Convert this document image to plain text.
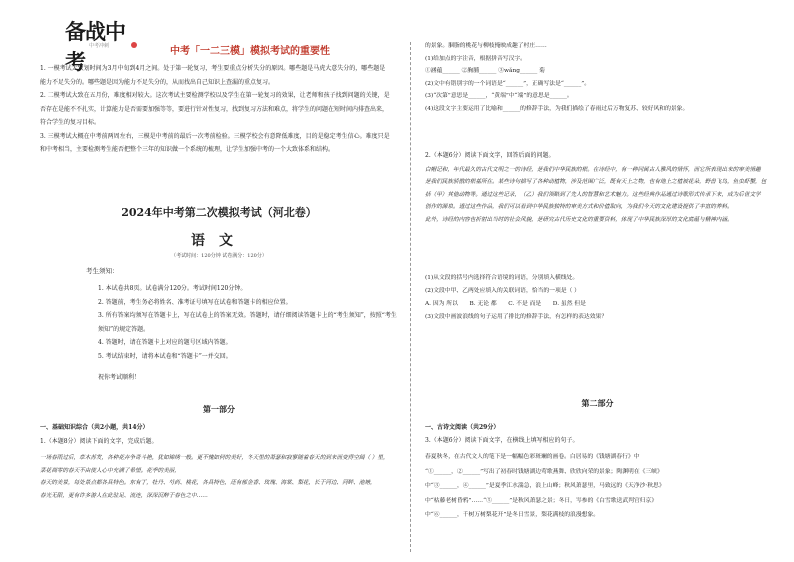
备战中考
中考冲刺	中考「一二三模」模拟考试的重要性

1. 一模考试大致划时间为3月中旬到4月之间。处于第一轮复习，考生要重点分析失分的原因。哪些题是马虎大意失分的，哪些题是能力不足失分的。哪些题是因为能力不足失分的，从而找出自己知识上查漏的重点复习。

2. 二模考试大致在五月份，难度相对较大。这次考试主要检测学校以及学生在第一轮复习的效果，让老师和孩子找到问题的关键，是否存在是能不不扎实，计算能力是否需要加强等等，要进行针对性复习，找到复习方法和难点，将学生的问题在短时间内排查出来，符合学生的复习目标。

3. 三模考试大概在中考前两周左右，三模是中考前的最后一次考前检验。三模学校会有意降低难度，目的是稳定考生信心。难度只是和中考相当，主要检测考生能否把整个三年的知识做一个系统的梳理，让学生加强中考的一个大致体系和结构。

2024年中考第二次模拟考试（河北卷）
语文
（考试时间：120分钟 试卷满分：120分）
考生须知：

1. 本试卷共8页。试卷满分120分。考试时间120分钟。

2. 答题前，考生务必将姓名、准考证号填写在试卷和答题卡的相应位置。

3. 所有答案均须写在答题卡上，写在试卷上的答案无效。答题时，请仔细阅读答题卡上的“考生须知”，按照“考生须知”的规定答题。

4. 答题时，请在答题卡上对应的题号区域内答题。

5. 考试结束时，请将本试卷和“答题卡”一并交回。

祝你考试顺利！
第一部分
一、基础知识综合（共2小题，共14分）
1.（本题8分）阅读下面的文字，完成后题。

一场春雨过后，草木苏发，各种花卉争奇斗艳，犹如锦绣一般。更不愧如何的美好，冬天里的萧瑟和寂寥随着春天的到来而变得空阔（ ）里，菜花凋零的春天不由使人心中充满了希望。花季的美丽，

春天的美景，每处景点都各具特色。东有丁，牡丹、芍药、桃花，各具特色，还有郁金香、玫瑰、海棠、梨花，长于河边、河畔、池塘，

春光无限，更有许多游人在此驻足、流连，深深沉醉于春色之中……

的景象。胭脂的桃花与柳枝掩映成趣了村庄……

(1)给加点的字注音，根据拼音写汉字。

①涵蕴______ ②胸脯______ ③wǎng______ 菊

(2)文中有错别字的一个词语是“______”，正确写法是“______”。

(3)“次第”意思是______，“黄端”中“端”的意思是______。

(4)这段文字主要运用了比喻和______的修辞手法，为我们描绘了春雨过后万物复苏、较好风和的景象。

2.（本题6分）阅读下面文字，回答后面的问题。

白帽记和，年代最久的古代文明之一的诗经，是我们中华民族的根。在诗经中，有一种同属古人雅风的情怀，而它所表现出来的审美情趣

是我们民族骄傲的根基所在。某些诗句描写了各种动植物，涉及范围广泛，既有天上之物，也有地上之植被花朵，野兽飞鸟，鱼虫虾蟹，包

括（甲）其他动物等。通过这些记录，（乙）我们领略到了先人的智慧和艺术魅力。这些经典作品通过诗歌形式传承下来，成为后世文学

创作的源泉。透过这些作品，我们可以看到中华民族独特的审美方式和价值取向，为我们今天的文化建设提供了丰富的养料。

此外，诗经的内容也折射出当时的社会风貌，是研究古代历史文化的重要资料，体现了中华民族深厚的文化底蕴与精神内涵。

(1)从文段的括号内选择符合语境的词语，分别填入横线处。

(2)文段中甲、乙两处应填入的关联词语，恰当的一项是（ ）

A. 因为 所以　　B. 无论 都　　C. 不是 而是　　D. 虽然 但是

(3)文段中画波浪线的句子运用了排比的修辞手法，有怎样的表达效果？

第二部分
一、古诗文阅读（共29分）
3.（本题6分）阅读下面文字，在横线上填写相应的句子。

春夏秋冬，在古代文人的笔下是一幅幅色彩斑斓的画卷。白居易的《钱塘湖春行》中

“①______，②______”写出了初春时钱塘湖边莺歌燕舞、欣欣向荣的景象；陶渊明在《三峡》

中“③______，④______”是夏季江水湍急，浪上山峰；秋风萧瑟里，马致远的《天净沙·秋思》

中“枯藤老树昏鸦”……“⑤______”是秋风萧瑟之景；冬日，岑参的《白雪歌送武判官归京》

中“⑥______，千树万树梨花开”是冬日雪景，梨花满枝的浪漫想象。
